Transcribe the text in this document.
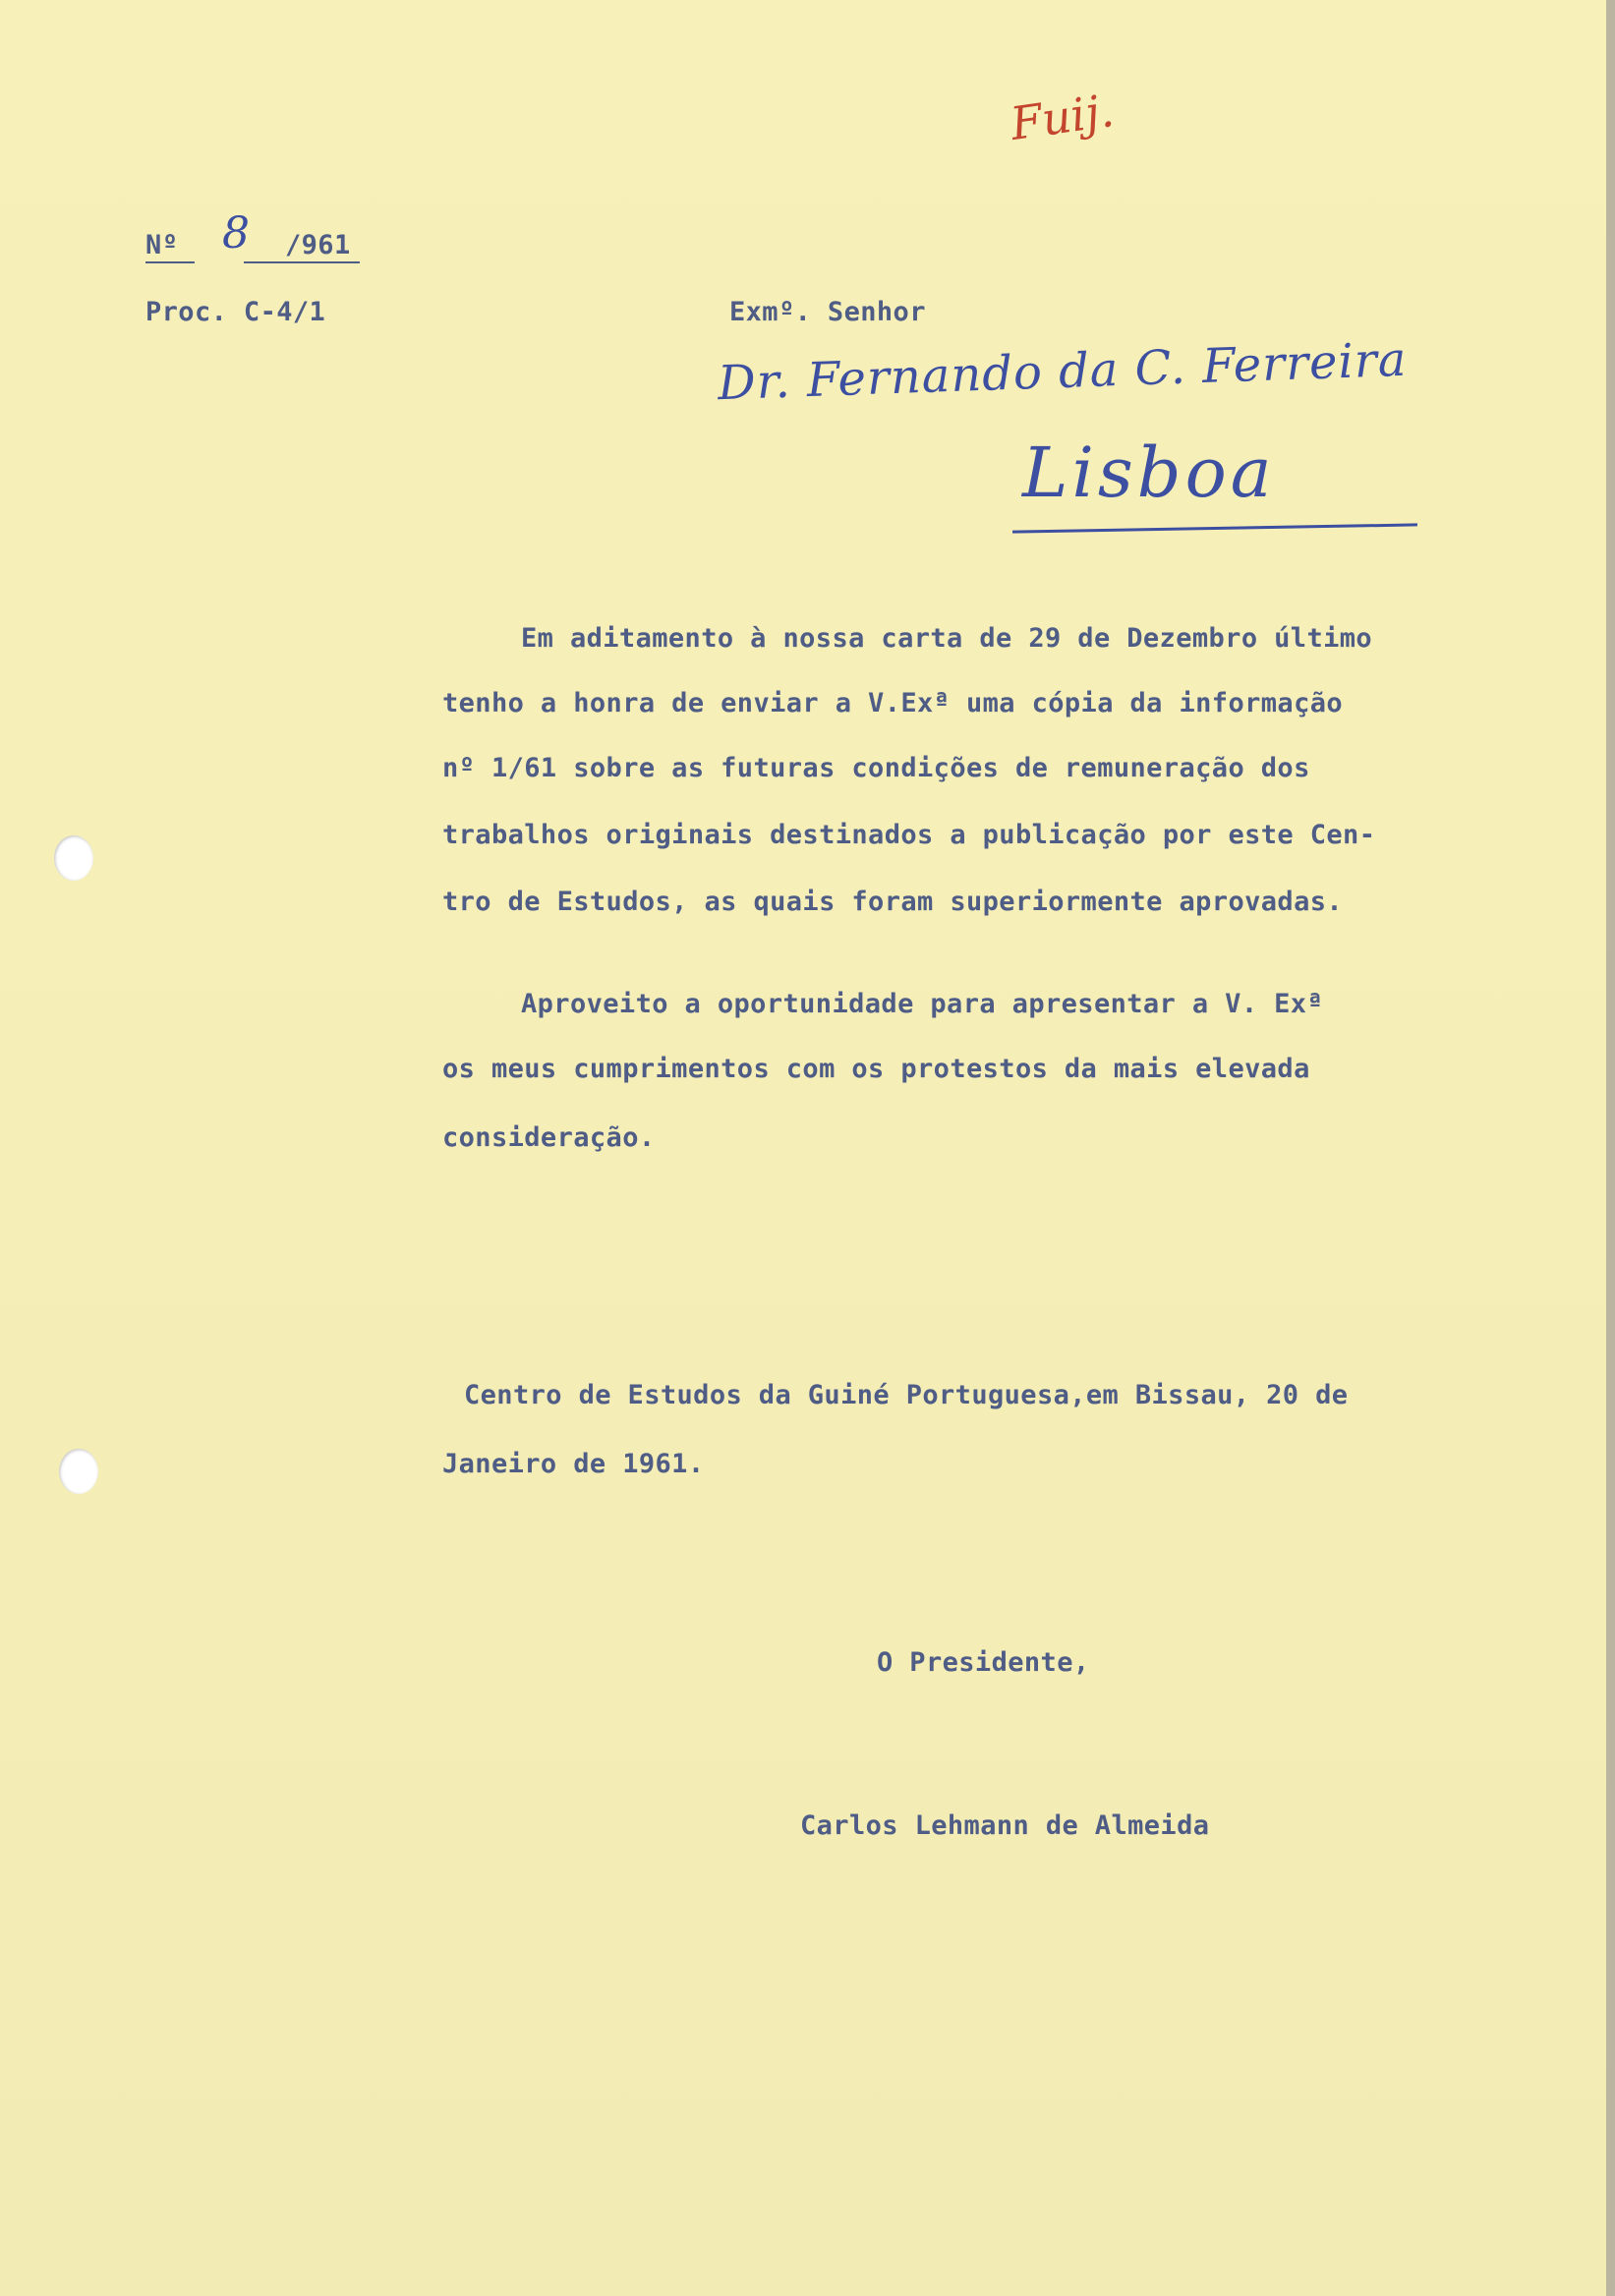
Fuij.
Nº 8 /961
Proc. C-4/1	Exmº. Senhor
Dr. Fernando da C. Ferreira
Lisboa
Em aditamento à nossa carta de 29 de Dezembro último
tenho a honra de enviar a V.Exª uma cópia da informação
nº 1/61 sobre as futuras condições de remuneração dos
trabalhos originais destinados a publicação por este Cen-
tro de Estudos, as quais foram superiormente aprovadas.
Aproveito a oportunidade para apresentar a V. Exª
os meus cumprimentos com os protestos da mais elevada
consideração.
Centro de Estudos da Guiné Portuguesa,em Bissau, 20 de
Janeiro de 1961.
O Presidente,
Carlos Lehmann de Almeida
